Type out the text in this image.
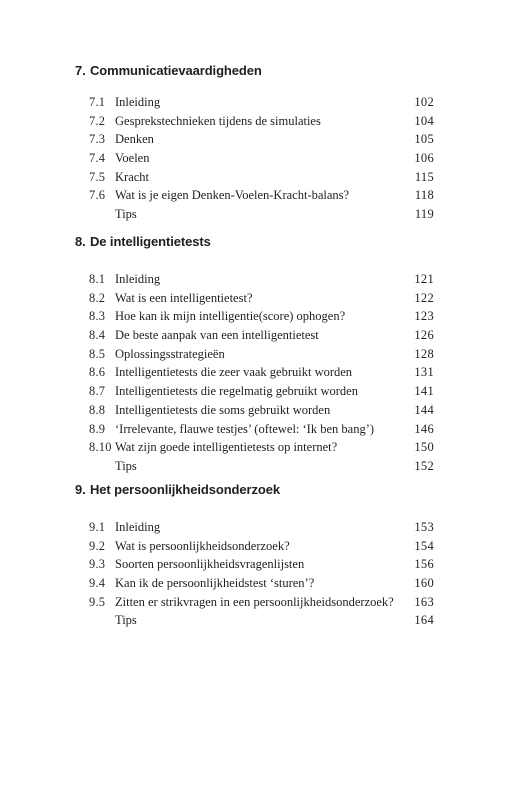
7. Communicatievaardigheden
7.1 Inleiding	102
7.2 Gesprekstechnieken tijdens de simulaties	104
7.3 Denken	105
7.4 Voelen	106
7.5 Kracht	115
7.6 Wat is je eigen Denken-Voelen-Kracht-balans?	118
Tips	119
8. De intelligentietests
8.1 Inleiding	121
8.2 Wat is een intelligentietest?	122
8.3 Hoe kan ik mijn intelligentie(score) ophogen?	123
8.4 De beste aanpak van een intelligentietest	126
8.5 Oplossingsstrategieën	128
8.6 Intelligentietests die zeer vaak gebruikt worden	131
8.7 Intelligentietests die regelmatig gebruikt worden	141
8.8 Intelligentietests die soms gebruikt worden	144
8.9 ‘Irrelevante, flauwe testjes’ (oftewel: ‘Ik ben bang’)	146
8.10 Wat zijn goede intelligentietests op internet?	150
Tips	152
9. Het persoonlijkheidsonderzoek
9.1 Inleiding	153
9.2 Wat is persoonlijkheidsonderzoek?	154
9.3 Soorten persoonlijkheidsvragenlijsten	156
9.4 Kan ik de persoonlijkheidstest ‘sturen’?	160
9.5 Zitten er strikvragen in een persoonlijkheidsonderzoek? 163
Tips	164
